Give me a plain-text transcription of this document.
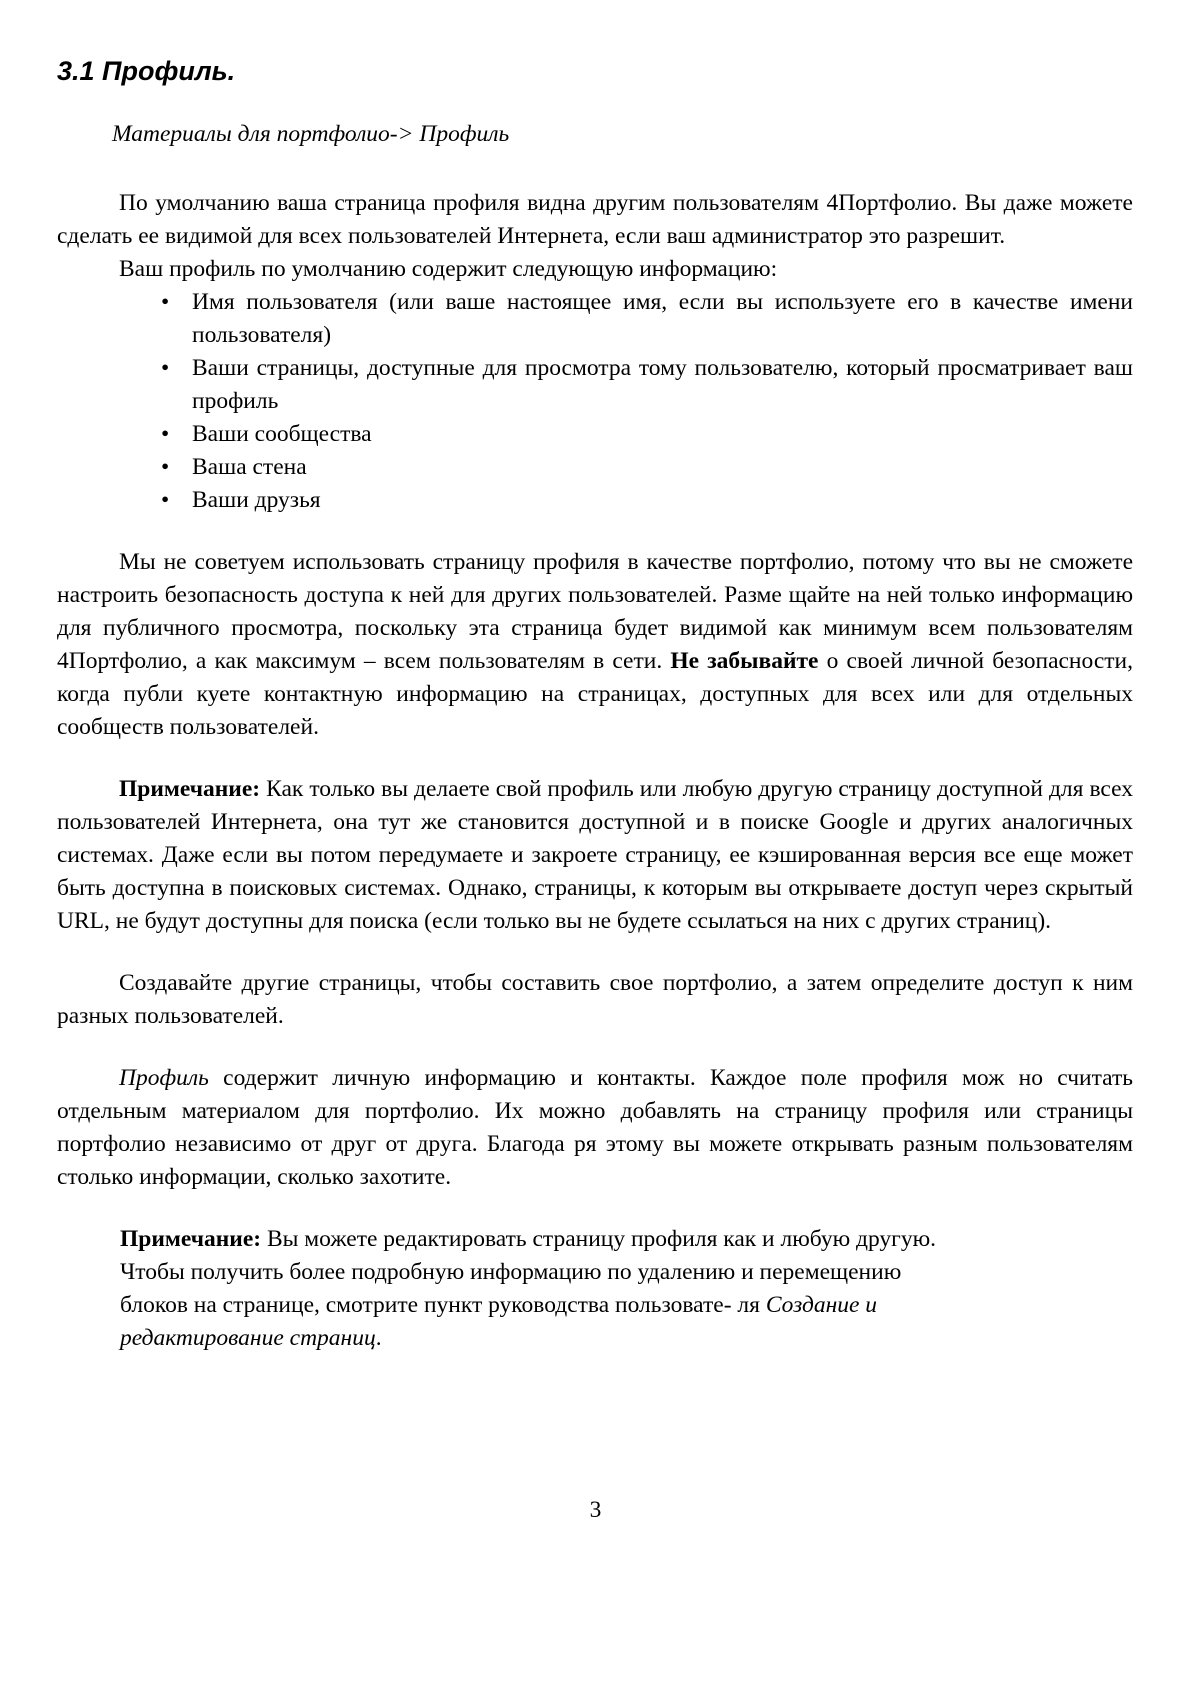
3.1 Профиль.

Материалы для портфолио-> Профиль

По умолчанию ваша страница профиля видна другим пользователям 4Портфолио. Вы даже можете сделать ее видимой для всех пользователей Интернета, если ваш администратор это разрешит.

Ваш профиль по умолчанию содержит следующую информацию:

• Имя пользователя (или ваше настоящее имя, если вы используете его в качестве имени пользователя)
• Ваши страницы, доступные для просмотра тому пользователю, который просматривает ваш профиль
• Ваши сообщества
• Ваша стена
• Ваши друзья

Мы не советуем использовать страницу профиля в качестве портфолио, потому что вы не сможете настроить безопасность доступа к ней для других пользователей. Разме щайте на ней только информацию для публичного просмотра, поскольку эта страница будет видимой как минимум всем пользователям 4Портфолио, а как максимум – всем пользователям в сети. Не забывайте о своей личной безопасности, когда публи куете контактную информацию на страницах, доступных для всех или для отдельных сообществ пользователей.

Примечание: Как только вы делаете свой профиль или любую другую страницу доступной для всех пользователей Интернета, она тут же становится доступной и в поиске Google и других аналогичных системах. Даже если вы потом передумаете и закроете страницу, ее кэшированная версия все еще может быть доступна в поисковых системах. Однако, страницы, к которым вы открываете доступ через скрытый URL, не будут доступны для поиска (если только вы не будете ссылаться на них с других страниц).

Создавайте другие страницы, чтобы составить свое портфолио, а затем определите доступ к ним разных пользователей.

Профиль содержит личную информацию и контакты. Каждое поле профиля мож но считать отдельным материалом для портфолио. Их можно добавлять на страницу профиля или страницы портфолио независимо от друг от друга. Благода ря этому вы можете открывать разным пользователям столько информации, сколько захотите.

Примечание: Вы можете редактировать страницу профиля как и любую другую. Чтобы получить более подробную информацию по удалению и перемещению блоков на странице, смотрите пункт руководства пользовате- ля Создание и редактирование страниц.

3
